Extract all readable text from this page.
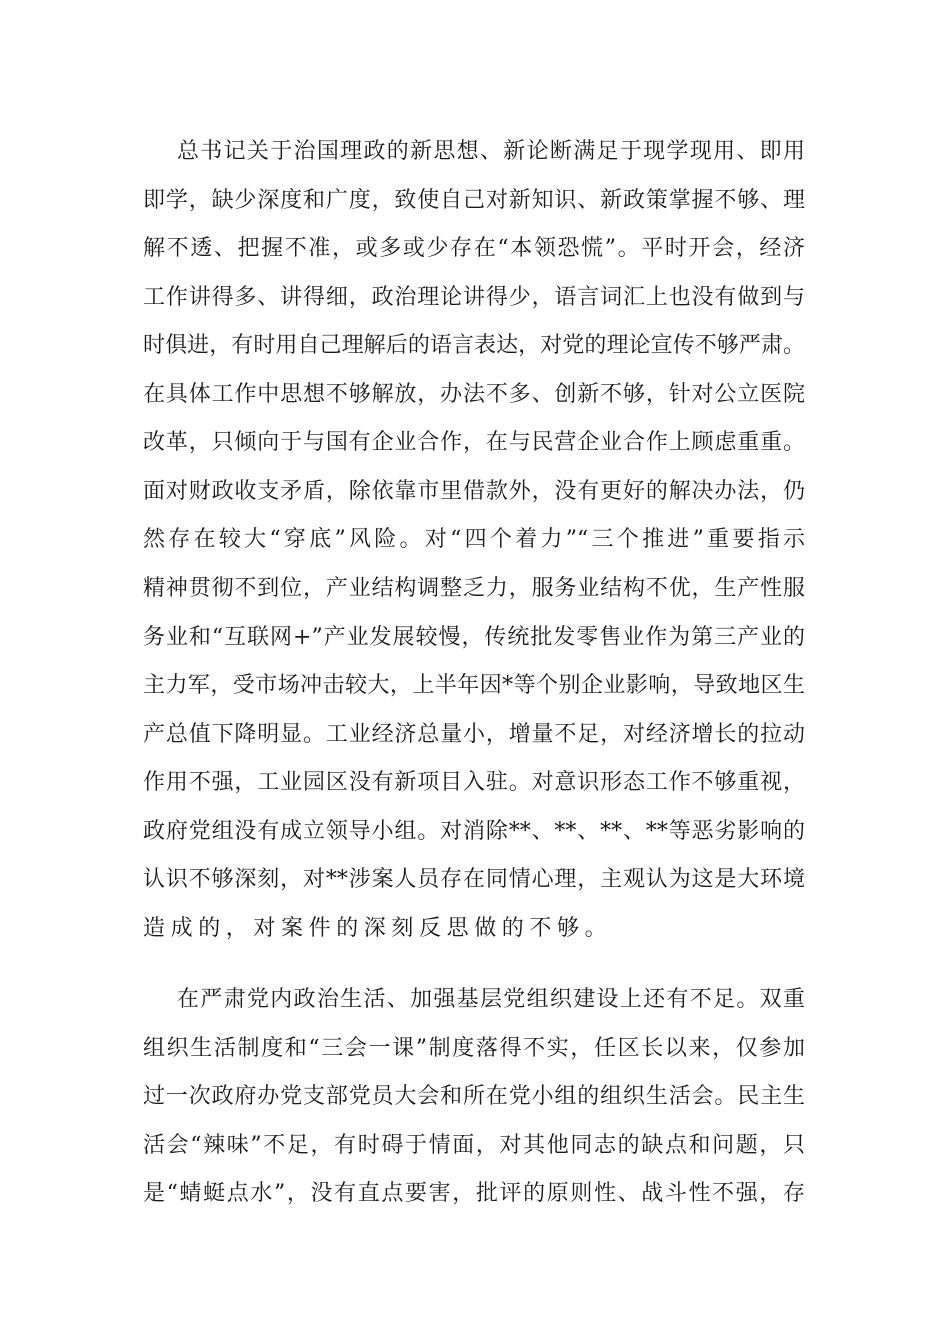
总书记关于治国理政的新思想、新论断满足于现学现用、即用
即学，缺少深度和广度，致使自己对新知识、新政策掌握不够、理
解不透、把握不准，或多或少存在“本领恐慌”。平时开会，经济
工作讲得多、讲得细，政治理论讲得少，语言词汇上也没有做到与
时俱进，有时用自己理解后的语言表达，对党的理论宣传不够严肃。
在具体工作中思想不够解放，办法不多、创新不够，针对公立医院
改革，只倾向于与国有企业合作，在与民营企业合作上顾虑重重。
面对财政收支矛盾，除依靠市里借款外，没有更好的解决办法，仍
然存在较大“穿底”风险。对“四个着力”“三个推进”重要指示
精神贯彻不到位，产业结构调整乏力，服务业结构不优，生产性服
务业和“互联网+”产业发展较慢，传统批发零售业作为第三产业的
主力军，受市场冲击较大，上半年因*等个别企业影响，导致地区生
产总值下降明显。工业经济总量小，增量不足，对经济增长的拉动
作用不强，工业园区没有新项目入驻。对意识形态工作不够重视，
政府党组没有成立领导小组。对消除**、**、**、**等恶劣影响的
认识不够深刻，对**涉案人员存在同情心理，主观认为这是大环境
造成的，对案件的深刻反思做的不够。
在严肃党内政治生活、加强基层党组织建设上还有不足。双重
组织生活制度和“三会一课”制度落得不实，任区长以来，仅参加
过一次政府办党支部党员大会和所在党小组的组织生活会。民主生
活会“辣味”不足，有时碍于情面，对其他同志的缺点和问题，只
是“蜻蜓点水”，没有直点要害，批评的原则性、战斗性不强，存
